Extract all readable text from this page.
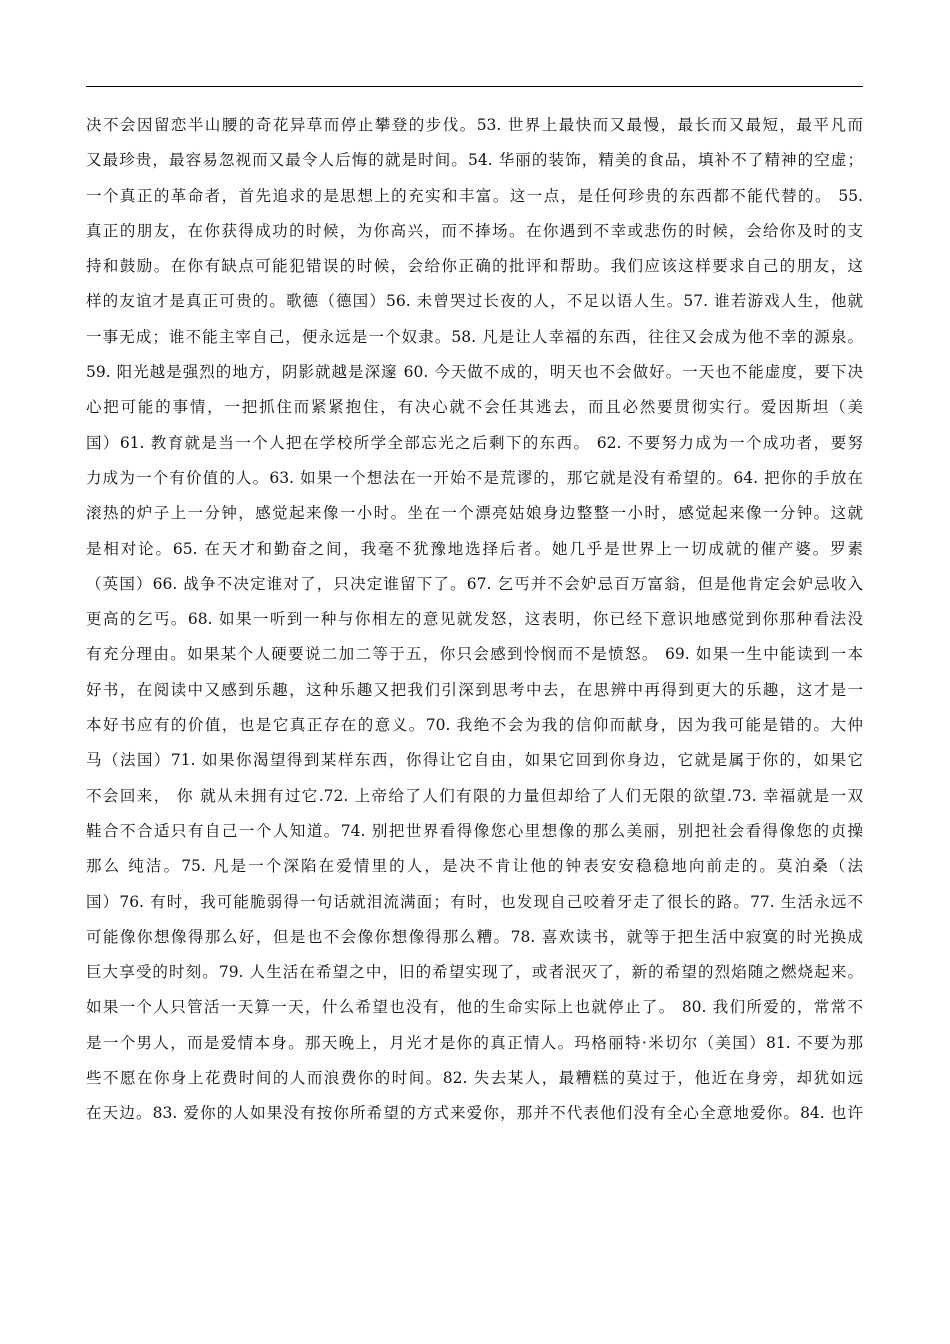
决不会因留恋半山腰的奇花异草而停止攀登的步伐。53. 世界上最快而又最慢，最长而又最短，最平凡而
又最珍贵，最容易忽视而又最令人后悔的就是时间。54. 华丽的装饰，精美的食品，填补不了精神的空虚；
一个真正的革命者，首先追求的是思想上的充实和丰富。这一点，是任何珍贵的东西都不能代替的。 55.
真正的朋友，在你获得成功的时候，为你高兴，而不捧场。在你遇到不幸或悲伤的时候，会给你及时的支
持和鼓励。在你有缺点可能犯错误的时候，会给你正确的批评和帮助。我们应该这样要求自己的朋友，这
样的友谊才是真正可贵的。歌德（德国）56. 未曾哭过长夜的人，不足以语人生。57. 谁若游戏人生，他就
一事无成；谁不能主宰自己，便永远是一个奴隶。58. 凡是让人幸福的东西，往往又会成为他不幸的源泉。
59. 阳光越是强烈的地方，阴影就越是深邃 60. 今天做不成的，明天也不会做好。一天也不能虚度，要下决
心把可能的事情，一把抓住而紧紧抱住，有决心就不会任其逃去，而且必然要贯彻实行。爱因斯坦（美
国）61. 教育就是当一个人把在学校所学全部忘光之后剩下的东西。 62. 不要努力成为一个成功者，要努
力成为一个有价值的人。63. 如果一个想法在一开始不是荒谬的，那它就是没有希望的。64. 把你的手放在
滚热的炉子上一分钟，感觉起来像一小时。坐在一个漂亮姑娘身边整整一小时，感觉起来像一分钟。这就
是相对论。65. 在天才和勤奋之间，我毫不犹豫地选择后者。她几乎是世界上一切成就的催产婆。罗素
（英国）66. 战争不决定谁对了，只决定谁留下了。67. 乞丐并不会妒忌百万富翁，但是他肯定会妒忌收入
更高的乞丐。68. 如果一听到一种与你相左的意见就发怒，这表明，你已经下意识地感觉到你那种看法没
有充分理由。如果某个人硬要说二加二等于五，你只会感到怜悯而不是愤怒。 69. 如果一生中能读到一本
好书，在阅读中又感到乐趣，这种乐趣又把我们引深到思考中去，在思辨中再得到更大的乐趣，这才是一
本好书应有的价值，也是它真正存在的意义。70. 我绝不会为我的信仰而献身，因为我可能是错的。大仲
马（法国）71. 如果你渴望得到某样东西，你得让它自由，如果它回到你身边，它就是属于你的，如果它
不会回来， 你 就从未拥有过它.72. 上帝给了人们有限的力量但却给了人们无限的欲望.73. 幸福就是一双
鞋合不合适只有自己一个人知道。74. 别把世界看得像您心里想像的那么美丽，别把社会看得像您的贞操
那么 纯洁。75. 凡是一个深陷在爱情里的人，是决不肯让他的钟表安安稳稳地向前走的。莫泊桑（法
国）76. 有时，我可能脆弱得一句话就泪流满面；有时，也发现自己咬着牙走了很长的路。77. 生活永远不
可能像你想像得那么好，但是也不会像你想像得那么糟。78. 喜欢读书，就等于把生活中寂寞的时光换成
巨大享受的时刻。79. 人生活在希望之中，旧的希望实现了，或者泯灭了，新的希望的烈焰随之燃烧起来。
如果一个人只管活一天算一天，什么希望也没有，他的生命实际上也就停止了。 80. 我们所爱的，常常不
是一个男人，而是爱情本身。那天晚上，月光才是你的真正情人。玛格丽特·米切尔（美国）81. 不要为那
些不愿在你身上花费时间的人而浪费你的时间。82. 失去某人，最糟糕的莫过于，他近在身旁，却犹如远
在天边。83. 爱你的人如果没有按你所希望的方式来爱你，那并不代表他们没有全心全意地爱你。84. 也许
